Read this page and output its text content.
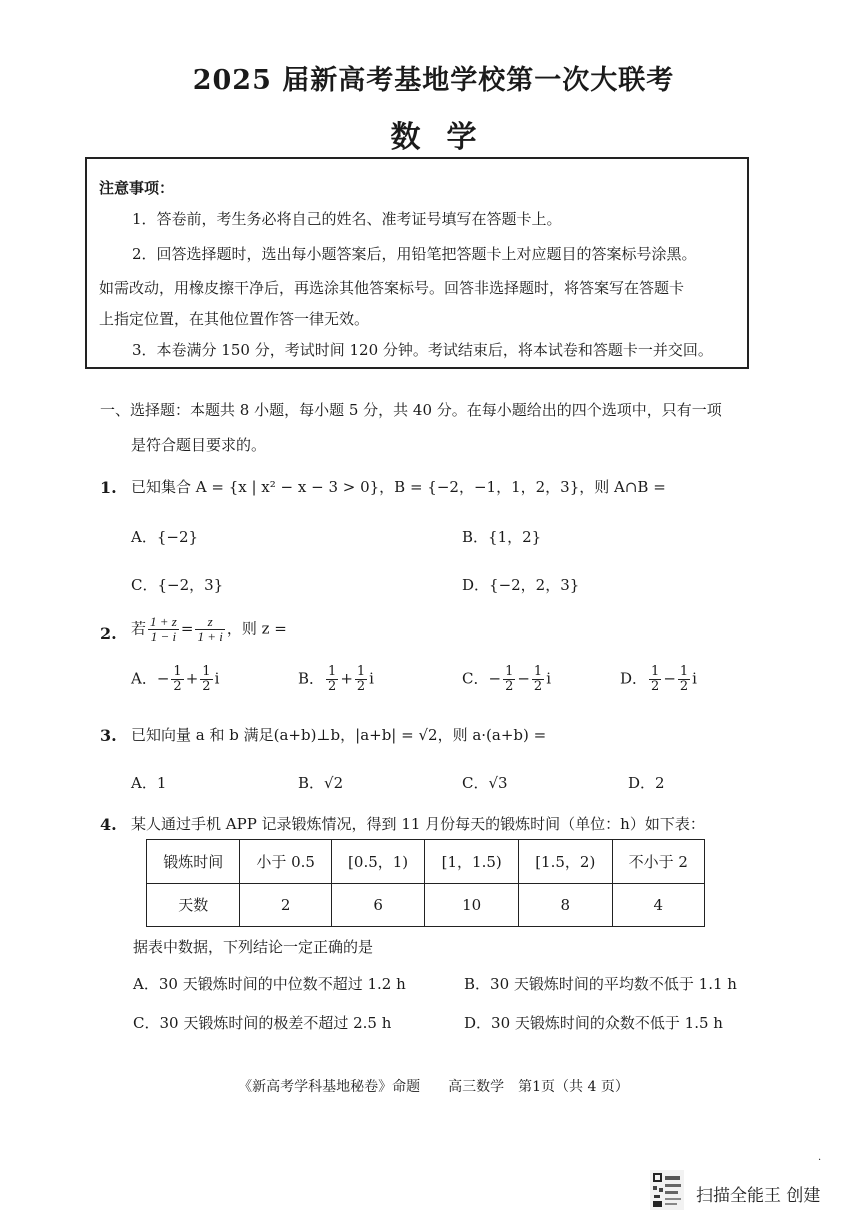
2025 届新高考基地学校第一次大联考
数学
注意事项：
1．答卷前，考生务必将自己的姓名、准考证号填写在答题卡上。
2．回答选择题时，选出每小题答案后，用铅笔把答题卡上对应题目的答案标号涂黑。
如需改动，用橡皮擦干净后，再选涂其他答案标号。回答非选择题时，将答案写在答题卡
上指定位置，在其他位置作答一律无效。
3．本卷满分 150 分，考试时间 120 分钟。考试结束后，将本试卷和答题卡一并交回。
一、选择题：本题共 8 小题，每小题 5 分，共 40 分。在每小题给出的四个选项中，只有一项
是符合题目要求的。
1. 已知集合 A = {x | x² − x − 3 > 0}，B = {−2，−1，1，2，3}，则 A∩B =
A．{−2}	B．{1，2}
C．{−2，3}	D．{−2，2，3}
2. 若 $\frac{1 + z}{1 - i} = \frac{z}{1 + i}$ ，则 z =
A．− $\frac{1}{2} + \frac{1}{2}$ i	B． $\frac{1}{2} + \frac{1}{2}$ i	C．− $\frac{1}{2} - \frac{1}{2}$ i	D． $\frac{1}{2} - \frac{1}{2}$ i
3. 已知向量 a 和 b 满足(a+b)⊥b，|a+b| = √2，则 a·(a+b) =
A．1	B．√2	C．√3	D．2
4. 某人通过手机 APP 记录锻炼情况，得到 11 月份每天的锻炼时间（单位：h）如下表：
锻炼时间	小于 0.5	[0.5，1)	[1，1.5)	[1.5，2)	不小于 2
天数	2	6	10	8	4
据表中数据，下列结论一定正确的是
A．30 天锻炼时间的中位数不超过 1.2 h	B．30 天锻炼时间的平均数不低于 1.1 h
C．30 天锻炼时间的极差不超过 2.5 h	D．30 天锻炼时间的众数不低于 1.5 h
《新高考学科基地秘卷》命题　　高三数学　第1页（共 4 页）
.
扫描全能王 创建
